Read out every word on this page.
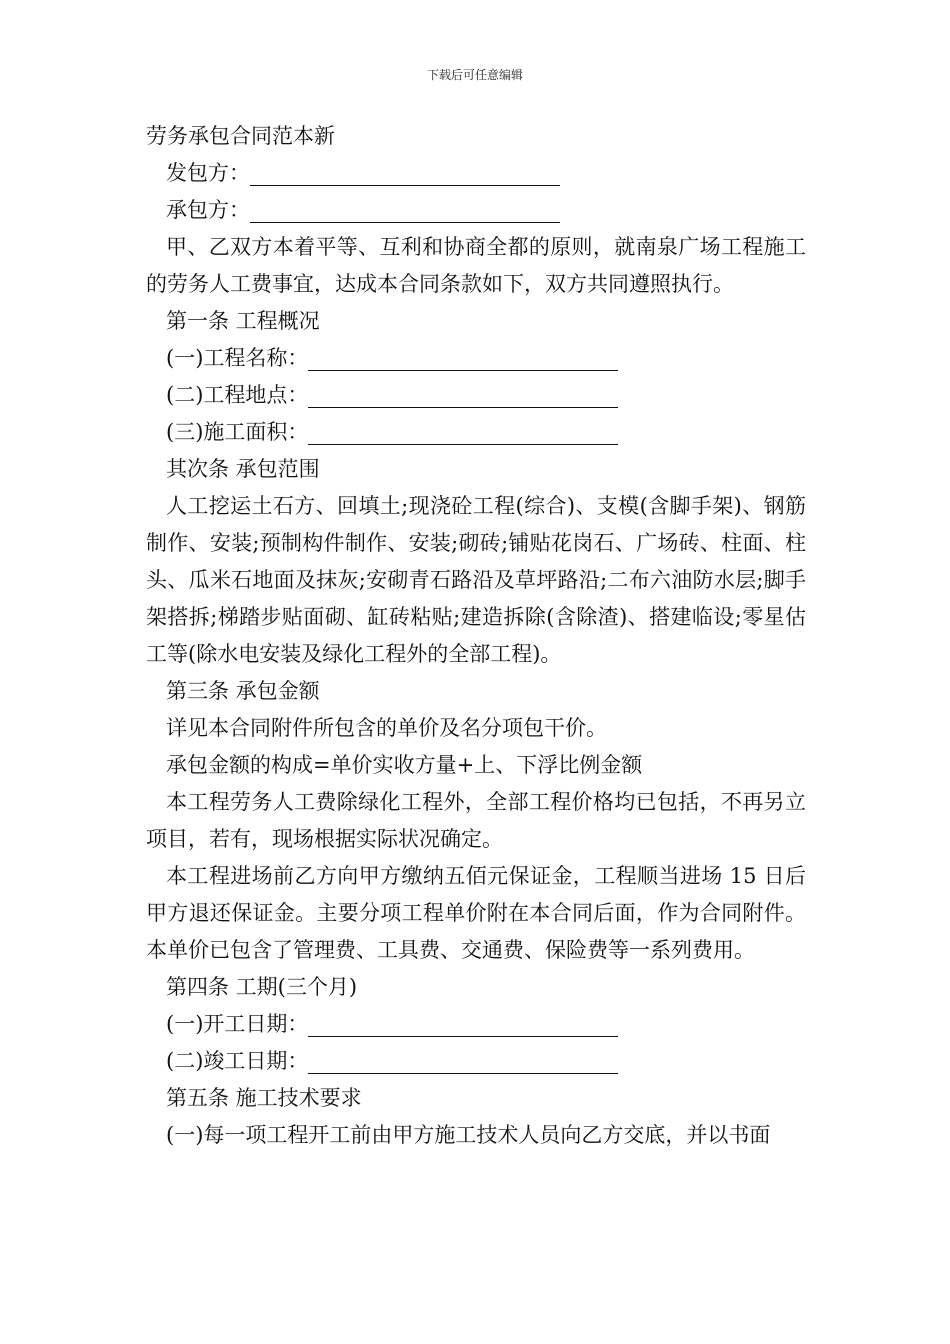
下载后可任意编辑

劳务承包合同范本新

发包方：

承包方：

甲、乙双方本着平等、互利和协商全都的原则，就南泉广场工程施工的劳务人工费事宜，达成本合同条款如下，双方共同遵照执行。

第一条 工程概况

(一)工程名称：

(二)工程地点：

(三)施工面积：

其次条 承包范围

人工挖运土石方、回填土;现浇砼工程(综合)、支模(含脚手架)、钢筋制作、安装;预制构件制作、安装;砌砖;铺贴花岗石、广场砖、柱面、柱头、瓜米石地面及抹灰;安砌青石路沿及草坪路沿;二布六油防水层;脚手架搭拆;梯踏步贴面砌、缸砖粘贴;建造拆除(含除渣)、搭建临设;零星估工等(除水电安装及绿化工程外的全部工程)。

第三条 承包金额

详见本合同附件所包含的单价及名分项包干价。

承包金额的构成=单价实收方量+上、下浮比例金额

本工程劳务人工费除绿化工程外，全部工程价格均已包括，不再另立项目，若有，现场根据实际状况确定。

本工程进场前乙方向甲方缴纳五佰元保证金，工程顺当进场 15 日后甲方退还保证金。主要分项工程单价附在本合同后面，作为合同附件。本单价已包含了管理费、工具费、交通费、保险费等一系列费用。

第四条 工期(三个月)

(一)开工日期：

(二)竣工日期：

第五条 施工技术要求

(一)每一项工程开工前由甲方施工技术人员向乙方交底，并以书面
